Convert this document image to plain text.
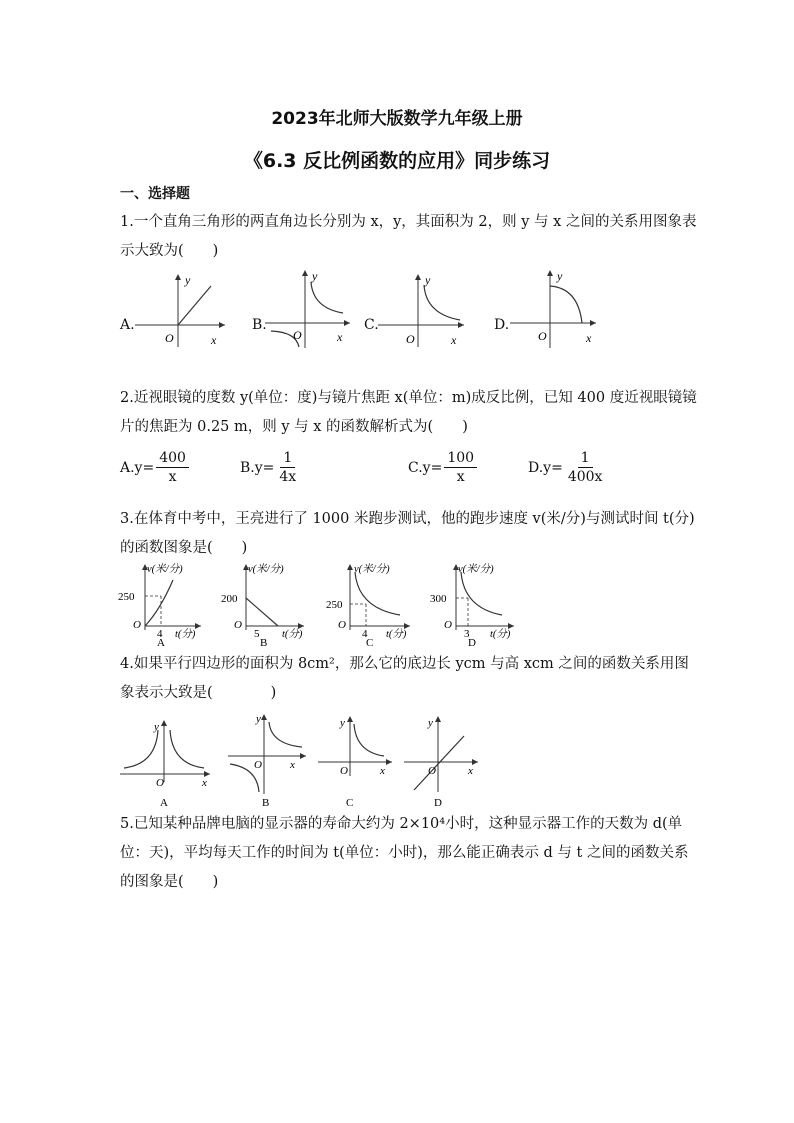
2023年北师大版数学九年级上册
《6.3 反比例函数的应用》同步练习
一、选择题
1.一个直角三角形的两直角边长分别为 x，y，其面积为 2，则 y 与 x 之间的关系用图象表示大致为(　　)
A.	B.	C.	D.
y
O	x
y
O	x
y
O	x
y
O	x
2.近视眼镜的度数 y(单位：度)与镜片焦距 x(单位：m)成反比例，已知 400 度近视眼镜镜片的焦距为 0.25 m，则 y 与 x 的函数解析式为(　　)
$A.y= \frac{400}{x}$	$B.y= \frac{1}{4x}$	$C.y= \frac{100}{x}$	$D.y= \frac{1}{400x}$
3.在体育中考中，王亮进行了 1000 米跑步测试，他的跑步速度 v(米/分)与测试时间 t(分)的函数图象是(　　)
v(米/分)
250
O
4 t(分)
A
v(米/分)
200
O
5 t(分)
B
v(米/分)
250
O
4 t(分)
C
v(米/分)
300
O
3 t(分)
D
4.如果平行四边形的面积为 8cm²，那么它的底边长 ycm 与高 xcm 之间的函数关系用图象表示大致是(　　　　)
y
O	x
A
y
O	x
B
y
O	x
C
y
O	x
D
5.已知某种品牌电脑的显示器的寿命大约为 2×10⁴小时，这种显示器工作的天数为 d(单位：天)，平均每天工作的时间为 t(单位：小时)，那么能正确表示 d 与 t 之间的函数关系的图象是(　　)
